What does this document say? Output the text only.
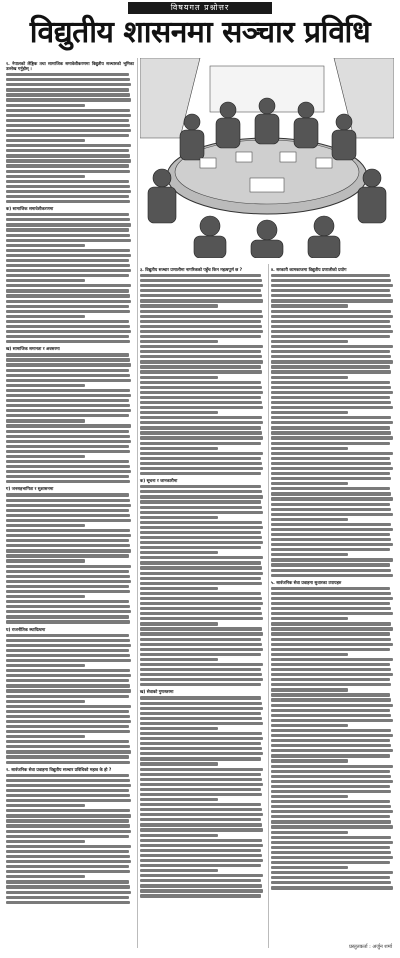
विषयगत प्रश्नोत्तर
विद्युतीय शासनमा सञ्चार प्रविधि
१. नेपालको लैङ्गिक तथा सामाजिक समावेशीकरणमा विद्युतीय सञ्चारको भूमिका उल्लेख गर्नुहोस् ।
क) सामाजिक समावेशीकरणमा
ख) सामाजिक समानता र अवसरमा
ग) जनसहभागिता र सुशासनमा
घ) राजनीतिक स्थायित्वमा
२. सार्वजनिक सेवा प्रवाहमा विद्युतीय सञ्चार प्रविधिको महत्व के हो ?
३. विद्युतीय सञ्चार प्रणालीमा नागरिकको पहुँच किन महत्वपूर्ण छ ?
क) सूचना र जानकारीमा
ख) सेवाको गुणस्तरमा
४. सरकारी कामकाजमा विद्युतीय प्रणालीको प्रयोग
५. सार्वजनिक सेवा प्रवाहमा सुधारका उपायहरु
प्रस्तुतकर्ता : अर्जुन शर्मा
